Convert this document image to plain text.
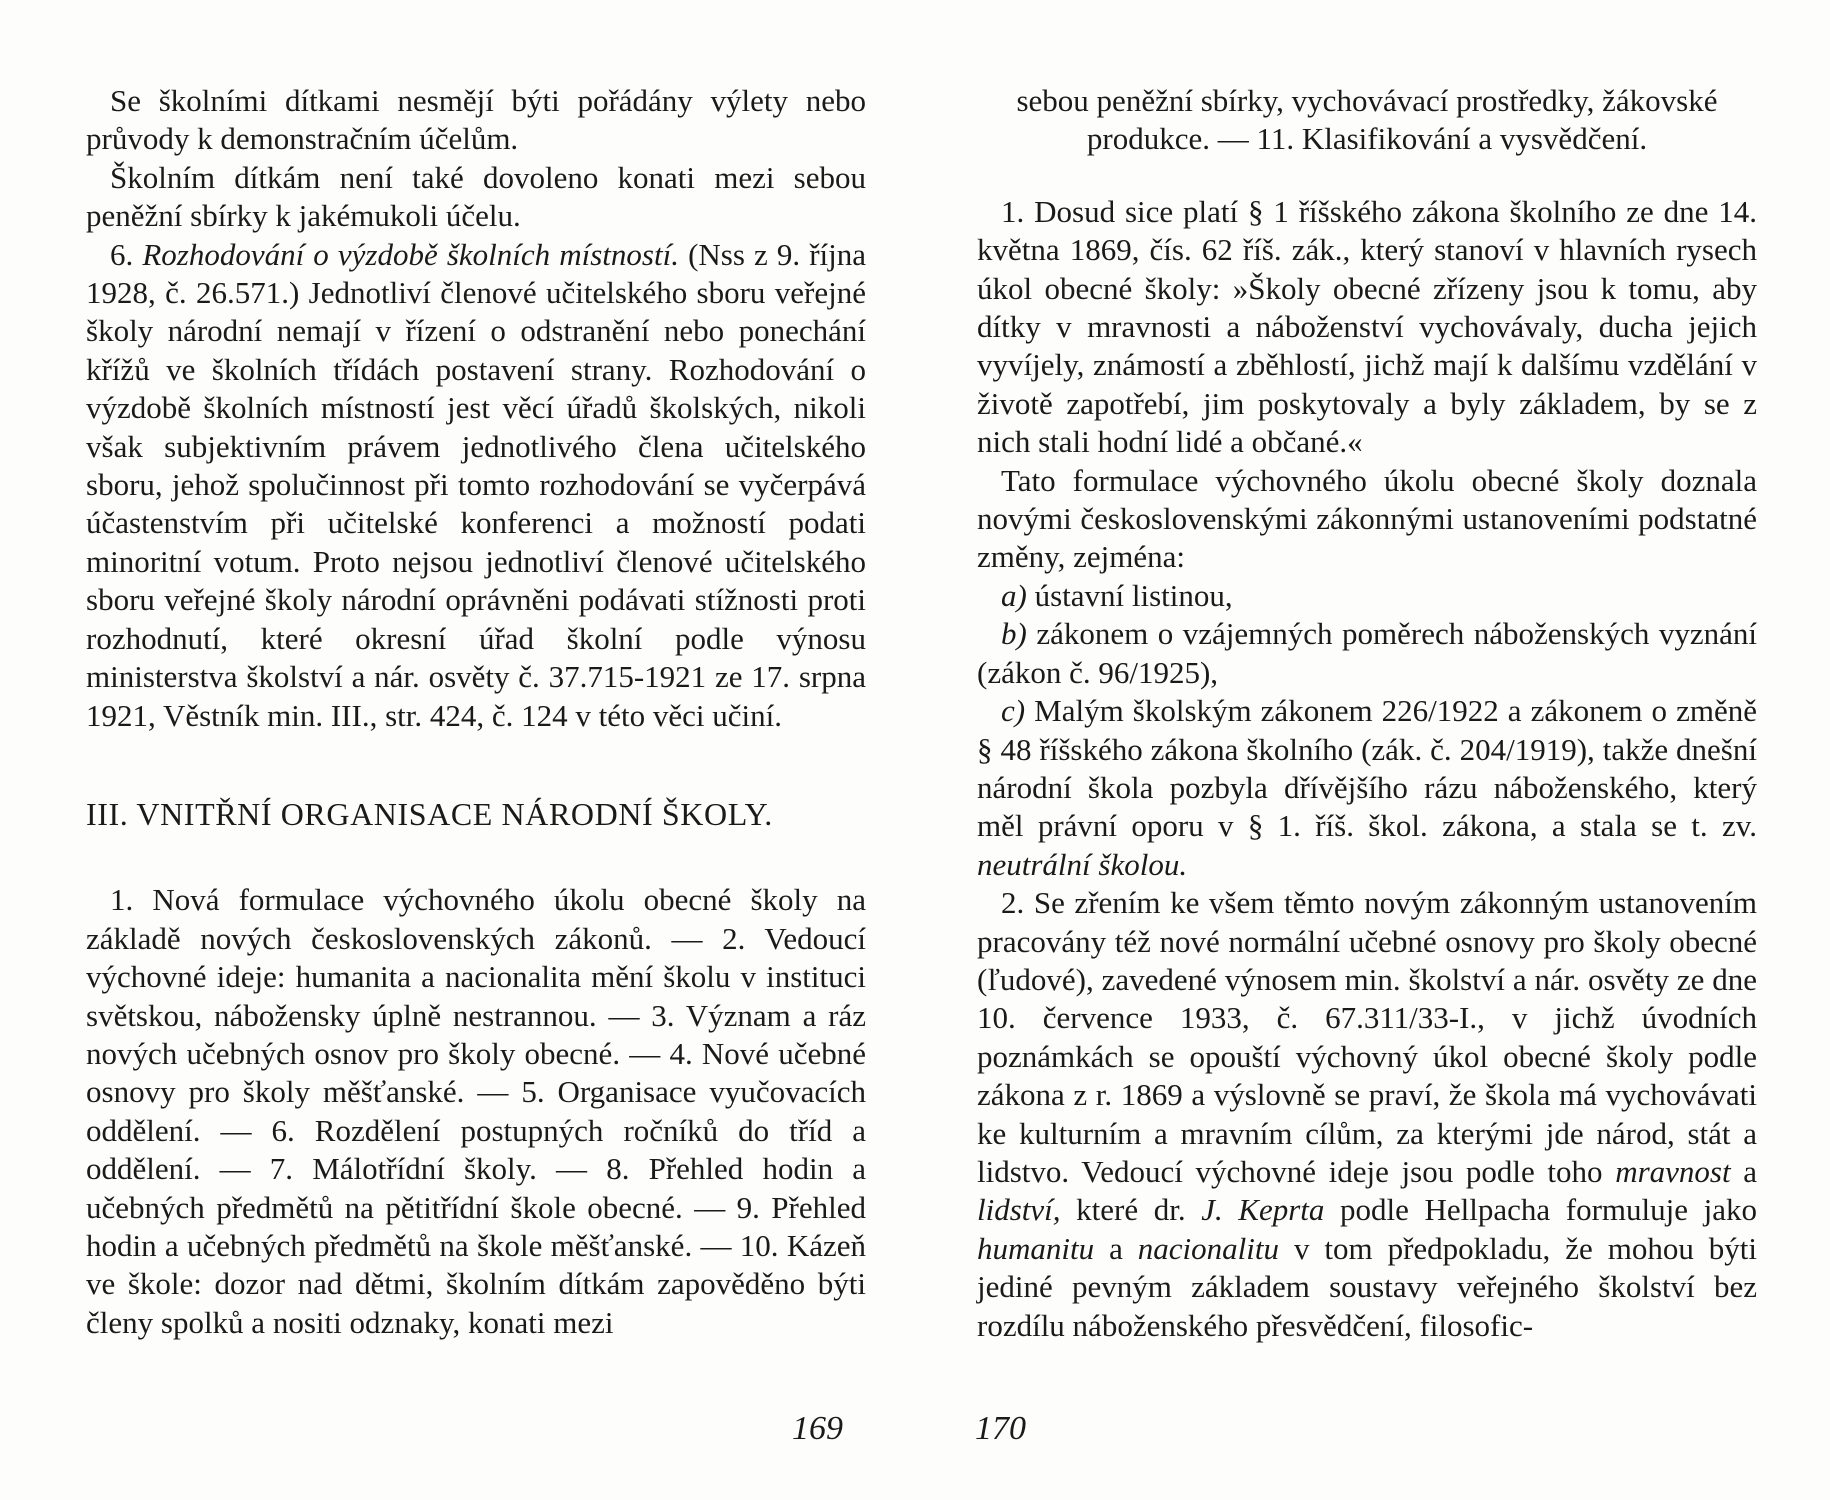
Se školními dítkami nesmějí býti pořádány výlety nebo průvody k demonstračním účelům.

Školním dítkám není také dovoleno konati mezi sebou peněžní sbírky k jakémukoli účelu.

6. Rozhodování o výzdobě školních místností. (Nss z 9. října 1928, č. 26.571.) Jednotliví členové učitelského sboru veřejné školy národní nemají v řízení o odstranění nebo ponechání křížů ve školních třídách postavení strany. Rozhodování o výzdobě školních místností jest věcí úřadů školských, nikoli však subjektivním právem jednotlivého člena učitelského sboru, jehož spolučinnost při tomto rozhodování se vyčerpává účastenstvím při učitelské konferenci a možností podati minoritní votum. Proto nejsou jednotliví členové učitelského sboru veřejné školy národní oprávněni podávati stížnosti proti rozhodnutí, které okresní úřad školní podle výnosu ministerstva školství a nár. osvěty č. 37.715-1921 ze 17. srpna 1921, Věstník min. III., str. 424, č. 124 v této věci učiní.

III. VNITŘNÍ ORGANISACE NÁRODNÍ ŠKOLY.

1. Nová formulace výchovného úkolu obecné školy na základě nových československých zákonů. — 2. Vedoucí výchovné ideje: humanita a nacionalita mění školu v instituci světskou, nábožensky úplně nestrannou. — 3. Význam a ráz nových učebných osnov pro školy obecné. — 4. Nové učebné osnovy pro školy měšťanské. — 5. Organisace vyučovacích oddělení. — 6. Rozdělení postupných ročníků do tříd a oddělení. — 7. Málotřídní školy. — 8. Přehled hodin a učebných předmětů na pětitřídní škole obecné. — 9. Přehled hodin a učebných předmětů na škole měšťanské. — 10. Kázeň ve škole: dozor nad dětmi, školním dítkám zapověděno býti členy spolků a nositi odznaky, konati mezi

169

sebou peněžní sbírky, vychovávací prostředky, žákovské produkce. — 11. Klasifikování a vysvědčení.

1. Dosud sice platí § 1 říšského zákona školního ze dne 14. května 1869, čís. 62 říš. zák., který stanoví v hlavních rysech úkol obecné školy: »Školy obecné zřízeny jsou k tomu, aby dítky v mravnosti a náboženství vychovávaly, ducha jejich vyvíjely, známostí a zběhlostí, jichž mají k dalšímu vzdělání v životě zapotřebí, jim poskytovaly a byly základem, by se z nich stali hodní lidé a občané.«

Tato formulace výchovného úkolu obecné školy doznala novými československými zákonnými ustanoveními podstatné změny, zejména:

a) ústavní listinou,

b) zákonem o vzájemných poměrech náboženských vyznání (zákon č. 96/1925),

c) Malým školským zákonem 226/1922 a zákonem o změně § 48 říšského zákona školního (zák. č. 204/1919), takže dnešní národní škola pozbyla dřívějšího rázu náboženského, který měl právní oporu v § 1. říš. škol. zákona, a stala se t. zv. neutrální školou.

2. Se zřením ke všem těmto novým zákonným ustanovením pracovány též nové normální učebné osnovy pro školy obecné (ľudové), zavedené výnosem min. školství a nár. osvěty ze dne 10. července 1933, č. 67.311/33-I., v jichž úvodních poznámkách se opouští výchovný úkol obecné školy podle zákona z r. 1869 a výslovně se praví, že škola má vychovávati ke kulturním a mravním cílům, za kterými jde národ, stát a lidstvo. Vedoucí výchovné ideje jsou podle toho mravnost a lidství, které dr. J. Keprta podle Hellpacha formuluje jako humanitu a nacionalitu v tom předpokladu, že mohou býti jediné pevným základem soustavy veřejného školství bez rozdílu náboženského přesvědčení, filosofic-

170
